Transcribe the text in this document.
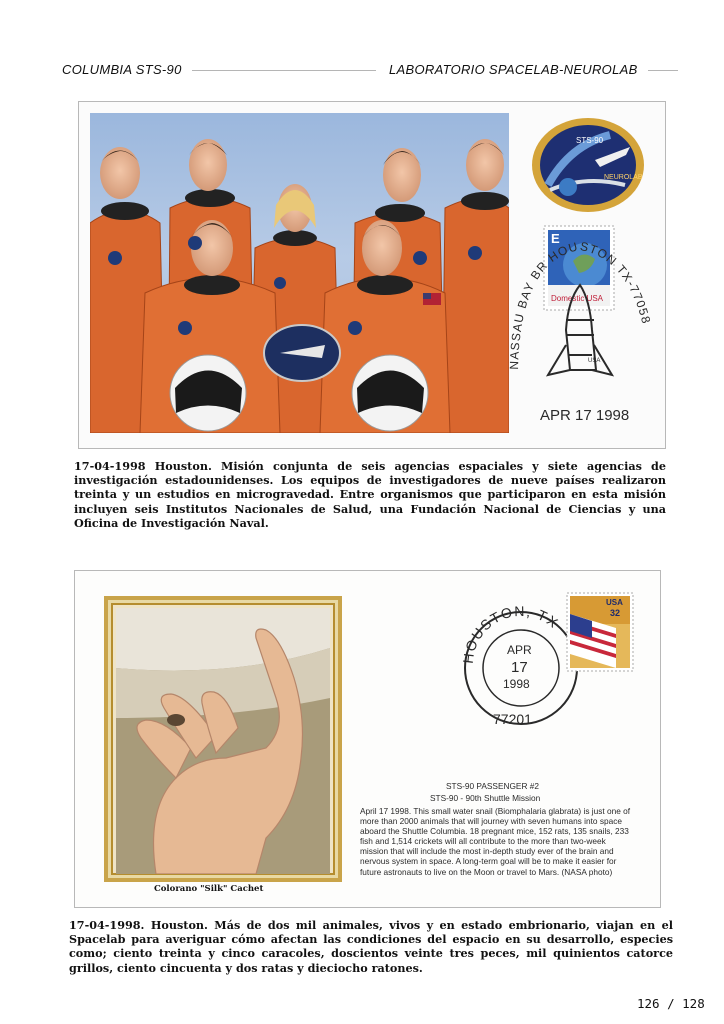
COLUMBIA STS-90	LABORATORIO SPACELAB-NEUROLAB
STS-90
NEUROLAB
E
Domestic USA
NASSAU BAY BR HOUSTON TX-77058
USA
APR 17 1998
17-04-1998 Houston. Misión conjunta de seis agencias espaciales y siete agencias de investigación estadounidenses. Los equipos de investigadores de nueve países realizaron treinta y un estudios en microgravedad. Entre organismos que participaron en esta misión incluyen seis Institutos Nacionales de Salud, una Fundación Nacional de Ciencias y una Oficina de Investigación Naval.
Colorano "Silk" Cachet
HOUSTON, TX
APR
17
1998
77201
USA
32
STS-90 PASSENGER #2
STS-90 - 90th Shuttle Mission
April 17 1998. This small water snail (Biomphalaria glabrata) is just one of more than 2000 animals that will journey with seven humans into space aboard the Shuttle Columbia. 18 pregnant mice, 152 rats, 135 snails, 233 fish and 1,514 crickets will all contribute to the more than two-week mission that will include the most in-depth study ever of the brain and nervous system in space. A long-term goal will be to make it easier for future astronauts to live on the Moon or travel to Mars. (NASA photo)
17-04-1998. Houston. Más de dos mil animales, vivos y en estado embrionario, viajan en el Spacelab para averiguar cómo afectan las condiciones del espacio en su desarrollo, especies como; ciento treinta y cinco caracoles, doscientos veinte tres peces, mil quinientos catorce grillos, ciento cincuenta y dos ratas y dieciocho ratones.
126 / 128
